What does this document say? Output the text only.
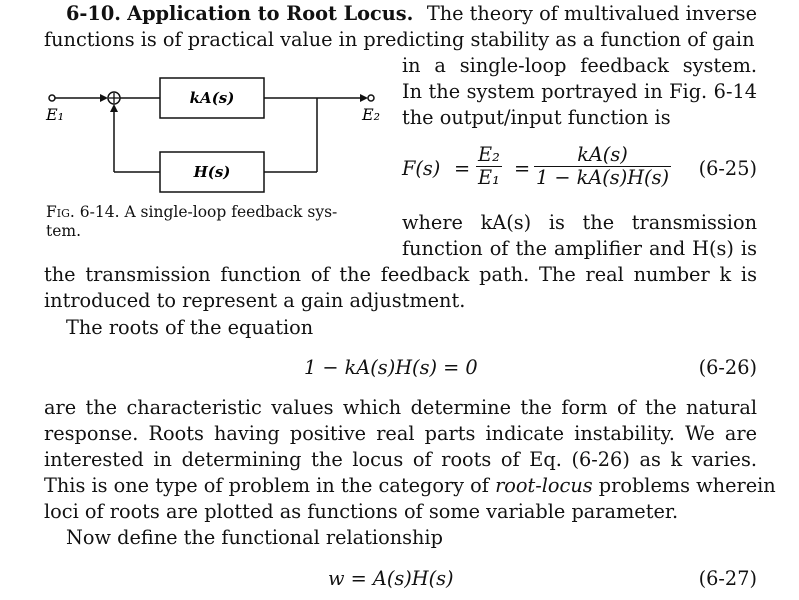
6-10. Application to Root Locus. The theory of multivalued inverse
functions is of practical value in predicting stability as a function of gain
in a single-loop feedback system.
In the system portrayed in Fig. 6-14
the output/input function is
kA(s)
H(s)
E₁	E₂
Fig. 6-14. A single-loop feedback sys-
tem.
$F(s) = \frac{\text{E₂}}{\text{E₁}} = \frac{kA(s)}{1 - kA(s)H(s)} (6-25)$
where kA(s) is the transmission
function of the amplifier and H(s) is
the transmission function of the feedback path. The real number k is
introduced to represent a gain adjustment.
The roots of the equation
1 − kA(s)H(s) = 0	(6-26)
are the characteristic values which determine the form of the natural
response. Roots having positive real parts indicate instability. We are
interested in determining the locus of roots of Eq. (6-26) as k varies.
This is one type of problem in the category of root-locus problems wherein
loci of roots are plotted as functions of some variable parameter.
Now define the functional relationship
w = A(s)H(s)	(6-27)
